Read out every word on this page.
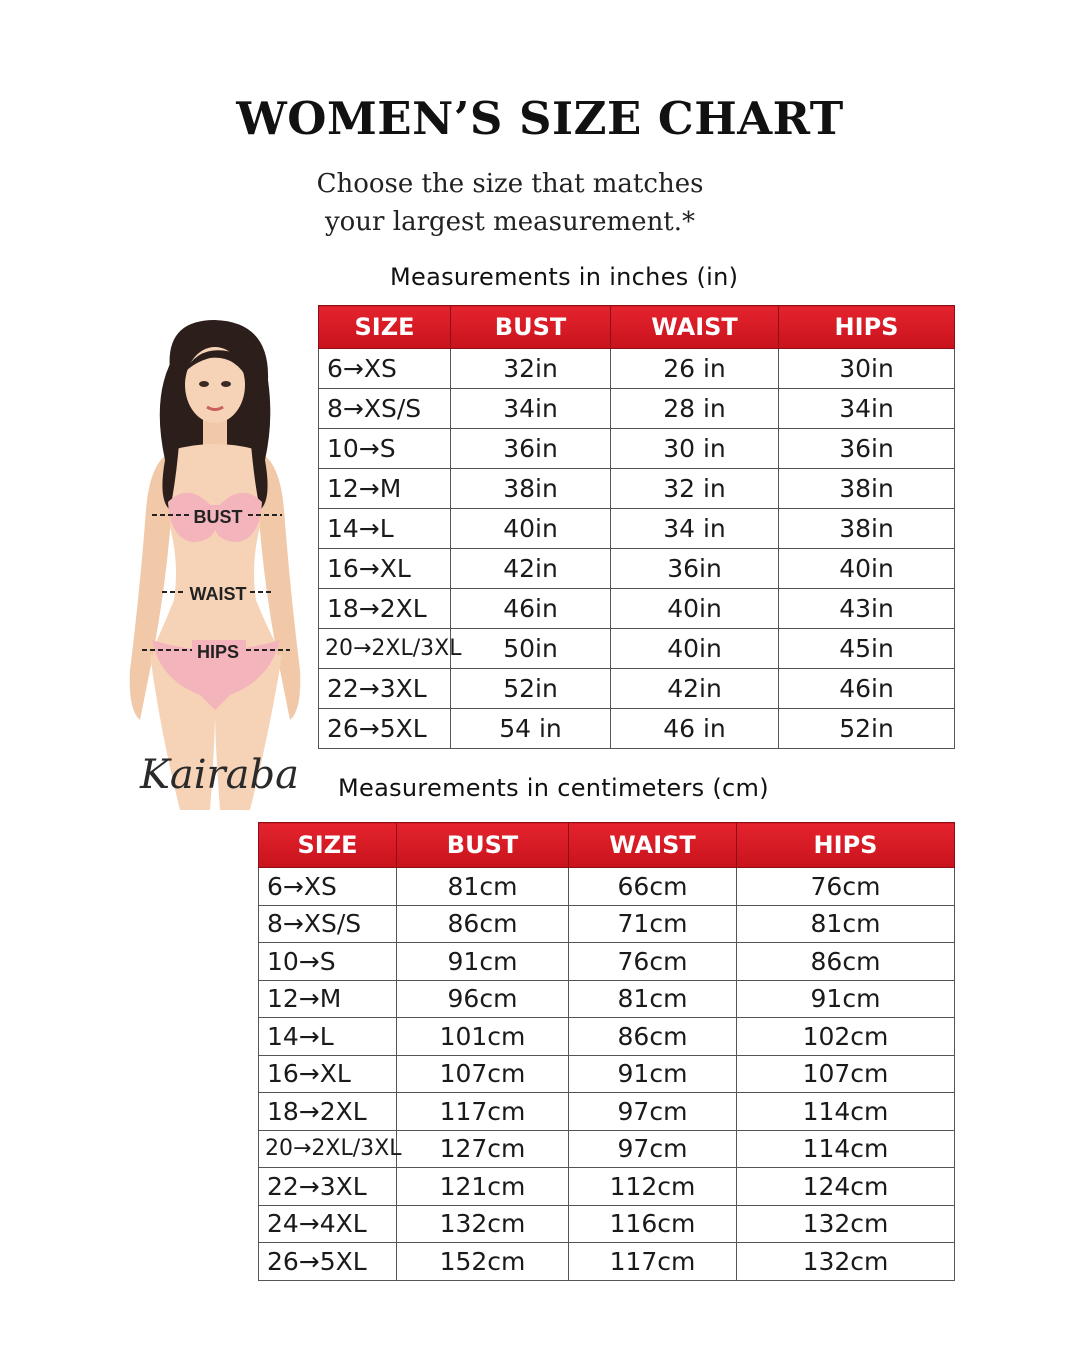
WOMEN’S SIZE CHART
Choose the size that matches
your largest measurement.*
BUST
WAIST
HIPS
Kairaba
Measurements in inches (in)
SIZE	BUST	WAIST	HIPS
6→XS	32in	26 in	30in
8→XS/S	34in	28 in	34in
10→S	36in	30 in	36in
12→M	38in	32 in	38in
14→L	40in	34 in	38in
16→XL	42in	36in	40in
18→2XL	46in	40in	43in
20→2XL/3XL	50in	40in	45in
22→3XL	52in	42in	46in
26→5XL	54 in	46 in	52in
Measurements in centimeters (cm)
SIZE	BUST	WAIST	HIPS
6→XS	81cm	66cm	76cm
8→XS/S	86cm	71cm	81cm
10→S	91cm	76cm	86cm
12→M	96cm	81cm	91cm
14→L	101cm	86cm	102cm
16→XL	107cm	91cm	107cm
18→2XL	117cm	97cm	114cm
20→2XL/3XL	127cm	97cm	114cm
22→3XL	121cm	112cm	124cm
24→4XL	132cm	116cm	132cm
26→5XL	152cm	117cm	132cm
